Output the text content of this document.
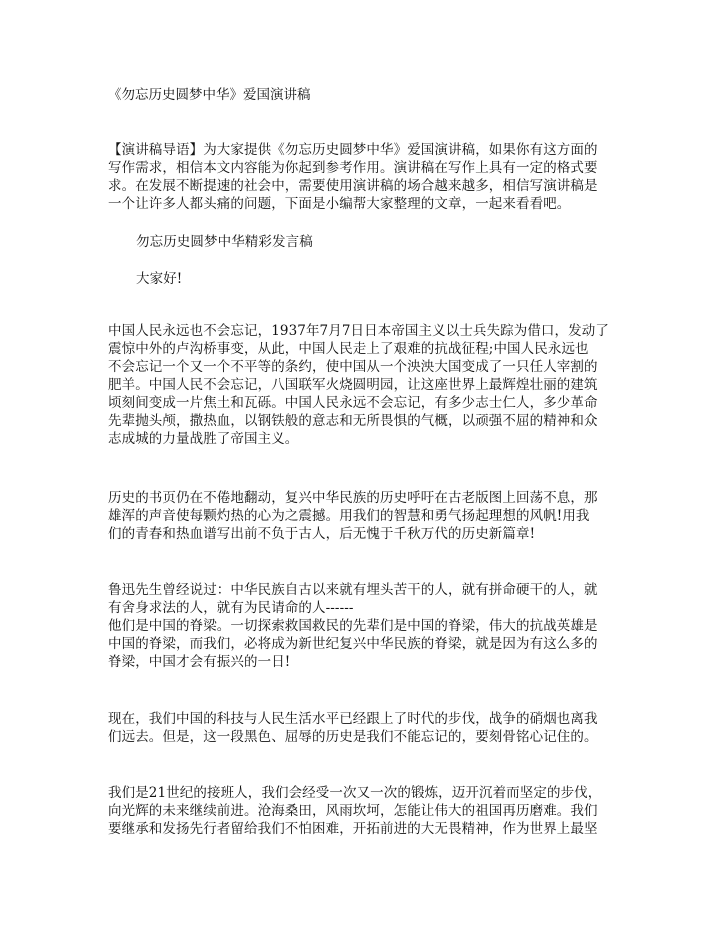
《勿忘历史圆梦中华》爱国演讲稿
【演讲稿导语】为大家提供《勿忘历史圆梦中华》爱国演讲稿，如果你有这方面的
写作需求，相信本文内容能为你起到参考作用。演讲稿在写作上具有一定的格式要
求。在发展不断提速的社会中，需要使用演讲稿的场合越来越多，相信写演讲稿是
一个让许多人都头痛的问题，下面是小编帮大家整理的文章，一起来看看吧。
勿忘历史圆梦中华精彩发言稿
大家好!
中国人民永远也不会忘记，1937年7月7日日本帝国主义以士兵失踪为借口，发动了
震惊中外的卢沟桥事变，从此，中国人民走上了艰难的抗战征程;中国人民永远也
不会忘记一个又一个不平等的条约，使中国从一个泱泱大国变成了一只任人宰割的
肥羊。中国人民不会忘记，八国联军火烧圆明园，让这座世界上最辉煌壮丽的建筑
顷刻间变成一片焦土和瓦砾。中国人民永远不会忘记，有多少志士仁人，多少革命
先辈抛头颅，撒热血，以钢铁般的意志和无所畏惧的气概，以顽强不屈的精神和众
志成城的力量战胜了帝国主义。
历史的书页仍在不倦地翻动，复兴中华民族的历史呼吁在古老版图上回荡不息，那
雄浑的声音使每颗灼热的心为之震撼。用我们的智慧和勇气扬起理想的风帆!用我
们的青春和热血谱写出前不负于古人，后无愧于千秋万代的历史新篇章!
鲁迅先生曾经说过：中华民族自古以来就有埋头苦干的人，就有拼命硬干的人，就
有舍身求法的人，就有为民请命的人------
他们是中国的脊梁。一切探索救国救民的先辈们是中国的脊梁，伟大的抗战英雄是
中国的脊梁，而我们，必将成为新世纪复兴中华民族的脊梁，就是因为有这么多的
脊梁，中国才会有振兴的一日!
现在，我们中国的科技与人民生活水平已经跟上了时代的步伐，战争的硝烟也离我
们远去。但是，这一段黑色、屈辱的历史是我们不能忘记的，要刻骨铭心记住的。
我们是21世纪的接班人，我们会经受一次又一次的锻炼，迈开沉着而坚定的步伐，
向光辉的未来继续前进。沧海桑田，风雨坎坷，怎能让伟大的祖国再历磨难。我们
要继承和发扬先行者留给我们不怕困难，开拓前进的大无畏精神，作为世界上最坚
